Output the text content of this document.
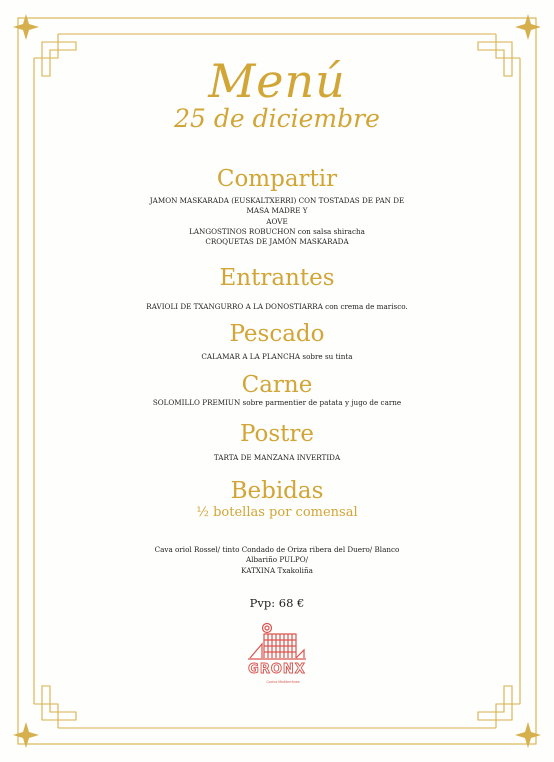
Menú
25 de diciembre
Compartir
JAMON MASKARADA (EUSKALTXERRI) CON TOSTADAS DE PAN DE
MASA MADRE Y
AOVE
LANGOSTINOS ROBUCHON con salsa shiracha
CROQUETAS DE JAMÓN MASKARADA
Entrantes
RAVIOLI DE TXANGURRO A LA DONOSTIARRA con crema de marisco.
Pescado
CALAMAR A LA PLANCHA sobre su tinta
Carne
SOLOMILLO PREMIUN sobre parmentier de patata y jugo de carne
Postre
TARTA DE MANZANA INVERTIDA
Bebidas
½ botellas por comensal
Cava oriol Rossel/ tinto Condado de Oriza ribera del Duero/ Blanco
Albariño PULPO/
KATXINA Txakoliña
Pvp: 68 €
GRONX
Cocina Mediterránea
